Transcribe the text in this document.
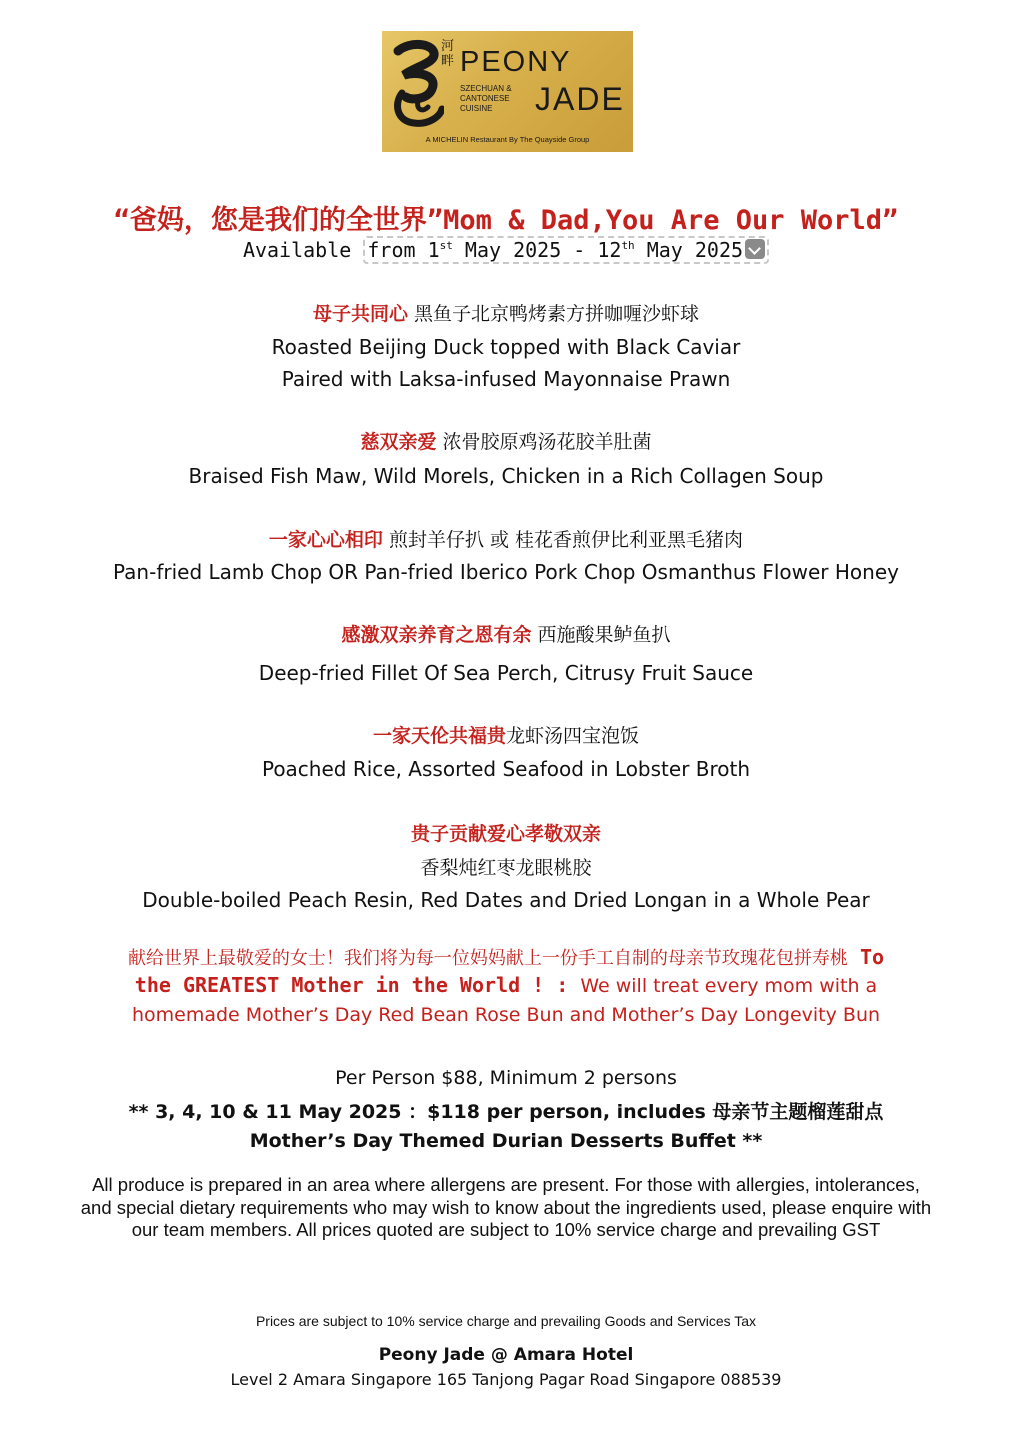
河畔 PEONY
SZECHUAN &
CANTONESE
CUISINE	JADE
A MICHELIN Restaurant By The Quayside Group
“爸妈，您是我们的全世界”Mom & Dad,You Are Our World”
Available from 1st May 2025 - 12th May 2025
母子共同心 黑鱼子北京鸭烤素方拼咖喱沙虾球
Roasted Beijing Duck topped with Black Caviar
Paired with Laksa-infused Mayonnaise Prawn
慈双亲爱 浓骨胶原鸡汤花胶羊肚菌
Braised Fish Maw, Wild Morels, Chicken in a Rich Collagen Soup
一家心心相印 煎封羊仔扒 或 桂花香煎伊比利亚黑毛猪肉
Pan-fried Lamb Chop OR Pan-fried Iberico Pork Chop Osmanthus Flower Honey
感激双亲养育之恩有余 西施酸果鲈鱼扒
Deep-fried Fillet Of Sea Perch, Citrusy Fruit Sauce
一家天伦共福贵龙虾汤四宝泡饭
Poached Rice, Assorted Seafood in Lobster Broth
贵子贡献爱心孝敬双亲
香梨炖红枣龙眼桃胶
Double-boiled Peach Resin, Red Dates and Dried Longan in a Whole Pear
献给世界上最敬爱的女士！我们将为每一位妈妈献上一份手工自制的母亲节玫瑰花包拼寿桃 To
the GREATEST Mother in the World ! : We will treat every mom with a
homemade Mother’s Day Red Bean Rose Bun and Mother’s Day Longevity Bun
Per Person $88, Minimum 2 persons
** 3, 4, 10 & 11 May 2025 ：$118 per person, includes 母亲节主题榴莲甜点
Mother’s Day Themed Durian Desserts Buffet **
All produce is prepared in an area where allergens are present. For those with allergies, intolerances, and special dietary requirements who may wish to know about the ingredients used, please enquire with our team members. All prices quoted are subject to 10% service charge and prevailing GST
Prices are subject to 10% service charge and prevailing Goods and Services Tax
Peony Jade @ Amara Hotel
Level 2 Amara Singapore 165 Tanjong Pagar Road Singapore 088539
